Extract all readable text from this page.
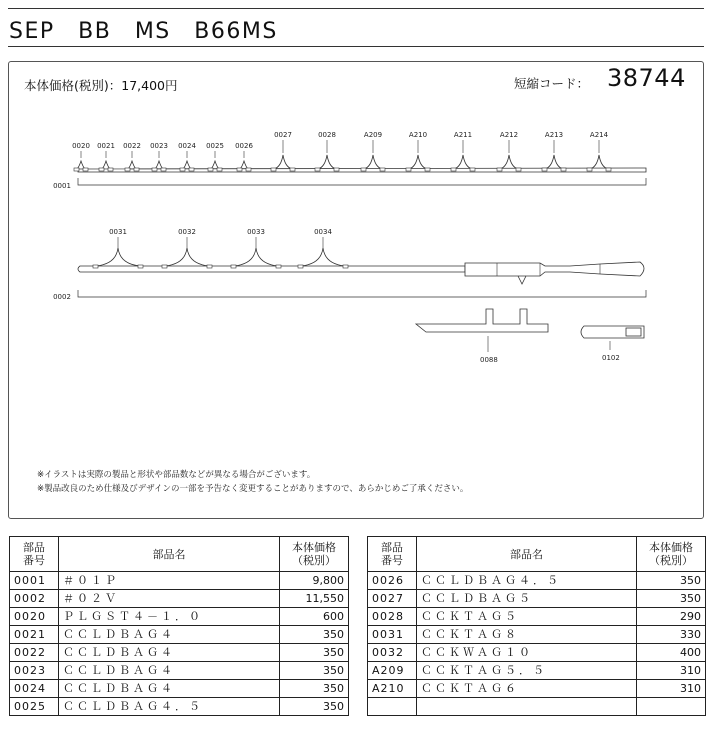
SEP　BB　MS　B66MS
本体価格(税別)：17,400円	短縮コード： 38744
0020 0021 0022 0023 0024 0025 0026
0027	0028	A209	A210	A211	A212	A213	A214
0001
0031	0032	0033	0034
0002
0088	0102
※イラストは実際の製品と形状や部品数などが異なる場合がございます。
※製品改良のため仕様及びデザインの一部を予告なく変更することがありますので、あらかじめご了承ください。
部品
番号	部品名	本体価格
（税別）
0001	＃０１Ｐ	9,800
0002	＃０２Ｖ	11,550
0020	ＰＬＧＳＴ４－１．０	600
0021	ＣＣＬＤＢＡＧ４	350
0022	ＣＣＬＤＢＡＧ４	350
0023	ＣＣＬＤＢＡＧ４	350
0024	ＣＣＬＤＢＡＧ４	350
0025	ＣＣＬＤＢＡＧ４．５	350
部品
番号	部品名	本体価格
（税別）
0026	ＣＣＬＤＢＡＧ４．５	350
0027	ＣＣＬＤＢＡＧ５	350
0028	ＣＣＫＴＡＧ５	290
0031	ＣＣＫＴＡＧ８	330
0032	ＣＣＫＷＡＧ１０	400
A209	ＣＣＫＴＡＧ５．５	310
A210	ＣＣＫＴＡＧ６	310
